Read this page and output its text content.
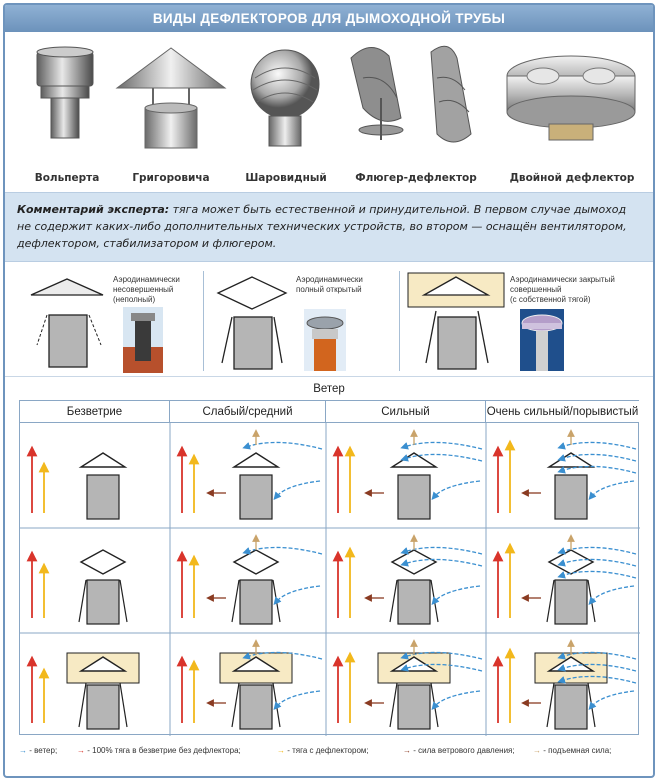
ВИДЫ ДЕФЛЕКТОРОВ ДЛЯ ДЫМОХОДНОЙ ТРУБЫ
Вольперта	Григоровича	Шаровидный	Флюгер-дефлектор	Двойной дефлектор
Комментарий эксперта: тяга может быть естественной и принудительной. В первом случае дымоход не содержит каких-либо дополнительных технических устройств, во втором — оснащён вентилятором, дефлектором, стабилизатором и флюгером.
Аэродинамически
несовершенный
(неполный)
Аэродинамически
полный открытый
Аэродинамически закрытый
совершенный
(с собственной тягой)
Ветер
Безветрие	Слабый/средний	Сильный	Очень сильный/порывистый
→ - ветер; → - 100% тяга в безветрие без дефлектора;	→ - тяга с дефлектором;	→ - сила ветрового давления; → - подъемная сила;
